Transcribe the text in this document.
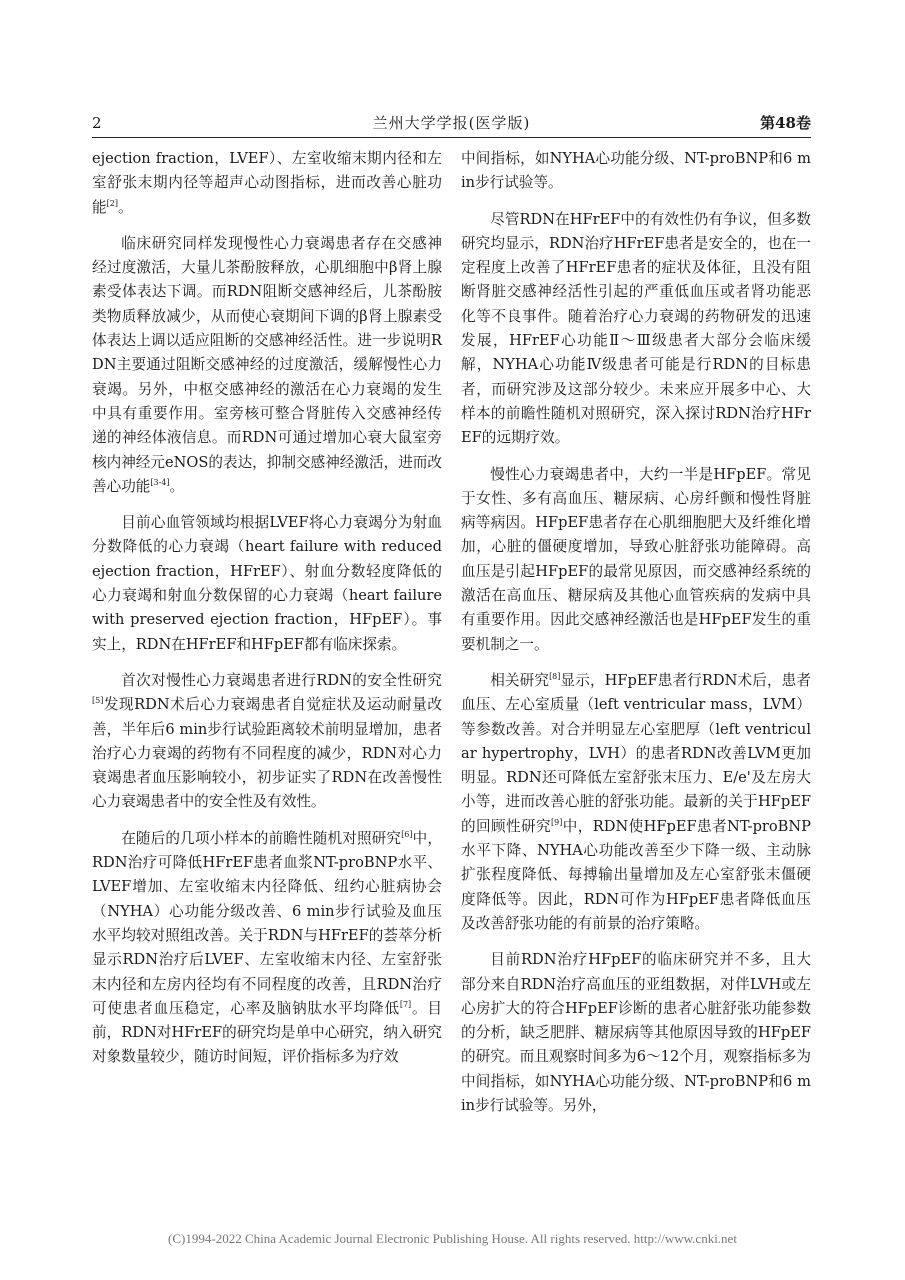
2	兰州大学学报(医学版)	第48卷

ejection fraction，LVEF）、左室收缩末期内径和左室舒张末期内径等超声心动图指标，进而改善心脏功能[2]。

临床研究同样发现慢性心力衰竭患者存在交感神经过度激活，大量儿茶酚胺释放，心肌细胞中β肾上腺素受体表达下调。而RDN阻断交感神经后，儿茶酚胺类物质释放减少，从而使心衰期间下调的β肾上腺素受体表达上调以适应阻断的交感神经活性。进一步说明RDN主要通过阻断交感神经的过度激活，缓解慢性心力衰竭。另外，中枢交感神经的激活在心力衰竭的发生中具有重要作用。室旁核可整合肾脏传入交感神经传递的神经体液信息。而RDN可通过增加心衰大鼠室旁核内神经元eNOS的表达，抑制交感神经激活，进而改善心功能[3-4]。

目前心血管领域均根据LVEF将心力衰竭分为射血分数降低的心力衰竭（heart failure with reduced ejection fraction，HFrEF）、射血分数轻度降低的心力衰竭和射血分数保留的心力衰竭（heart failure with preserved ejection fraction，HFpEF）。事实上，RDN在HFrEF和HFpEF都有临床探索。

首次对慢性心力衰竭患者进行RDN的安全性研究[5]发现RDN术后心力衰竭患者自觉症状及运动耐量改善，半年后6 min步行试验距离较术前明显增加，患者治疗心力衰竭的药物有不同程度的减少，RDN对心力衰竭患者血压影响较小，初步证实了RDN在改善慢性心力衰竭患者中的安全性及有效性。

在随后的几项小样本的前瞻性随机对照研究[6]中，RDN治疗可降低HFrEF患者血浆NT-proBNP水平、LVEF增加、左室收缩末内径降低、纽约心脏病协会（NYHA）心功能分级改善、6 min步行试验及血压水平均较对照组改善。关于RDN与HFrEF的荟萃分析显示RDN治疗后LVEF、左室收缩末内径、左室舒张末内径和左房内径均有不同程度的改善，且RDN治疗可使患者血压稳定，心率及脑钠肽水平均降低[7]。目前，RDN对HFrEF的研究均是单中心研究，纳入研究对象数量较少，随访时间短，评价指标多为疗效

中间指标，如NYHA心功能分级、NT-proBNP和6 min步行试验等。

尽管RDN在HFrEF中的有效性仍有争议，但多数研究均显示，RDN治疗HFrEF患者是安全的，也在一定程度上改善了HFrEF患者的症状及体征，且没有阻断肾脏交感神经活性引起的严重低血压或者肾功能恶化等不良事件。随着治疗心力衰竭的药物研发的迅速发展，HFrEF心功能Ⅱ～Ⅲ级患者大部分会临床缓解，NYHA心功能Ⅳ级患者可能是行RDN的目标患者，而研究涉及这部分较少。未来应开展多中心、大样本的前瞻性随机对照研究，深入探讨RDN治疗HFrEF的远期疗效。

慢性心力衰竭患者中，大约一半是HFpEF。常见于女性、多有高血压、糖尿病、心房纤颤和慢性肾脏病等病因。HFpEF患者存在心肌细胞肥大及纤维化增加，心脏的僵硬度增加，导致心脏舒张功能障碍。高血压是引起HFpEF的最常见原因，而交感神经系统的激活在高血压、糖尿病及其他心血管疾病的发病中具有重要作用。因此交感神经激活也是HFpEF发生的重要机制之一。

相关研究[8]显示，HFpEF患者行RDN术后，患者血压、左心室质量（left ventricular mass，LVM）等参数改善。对合并明显左心室肥厚（left ventricular hypertrophy，LVH）的患者RDN改善LVM更加明显。RDN还可降低左室舒张末压力、E/e'及左房大小等，进而改善心脏的舒张功能。最新的关于HFpEF的回顾性研究[9]中，RDN使HFpEF患者NT-proBNP水平下降、NYHA心功能改善至少下降一级、主动脉扩张程度降低、每搏输出量增加及左心室舒张末僵硬度降低等。因此，RDN可作为HFpEF患者降低血压及改善舒张功能的有前景的治疗策略。

目前RDN治疗HFpEF的临床研究并不多，且大部分来自RDN治疗高血压的亚组数据，对伴LVH或左心房扩大的符合HFpEF诊断的患者心脏舒张功能参数的分析，缺乏肥胖、糖尿病等其他原因导致的HFpEF的研究。而且观察时间多为6～12个月，观察指标多为中间指标，如NYHA心功能分级、NT-proBNP和6 min步行试验等。另外，

(C)1994-2022 China Academic Journal Electronic Publishing House. All rights reserved. http://www.cnki.net
